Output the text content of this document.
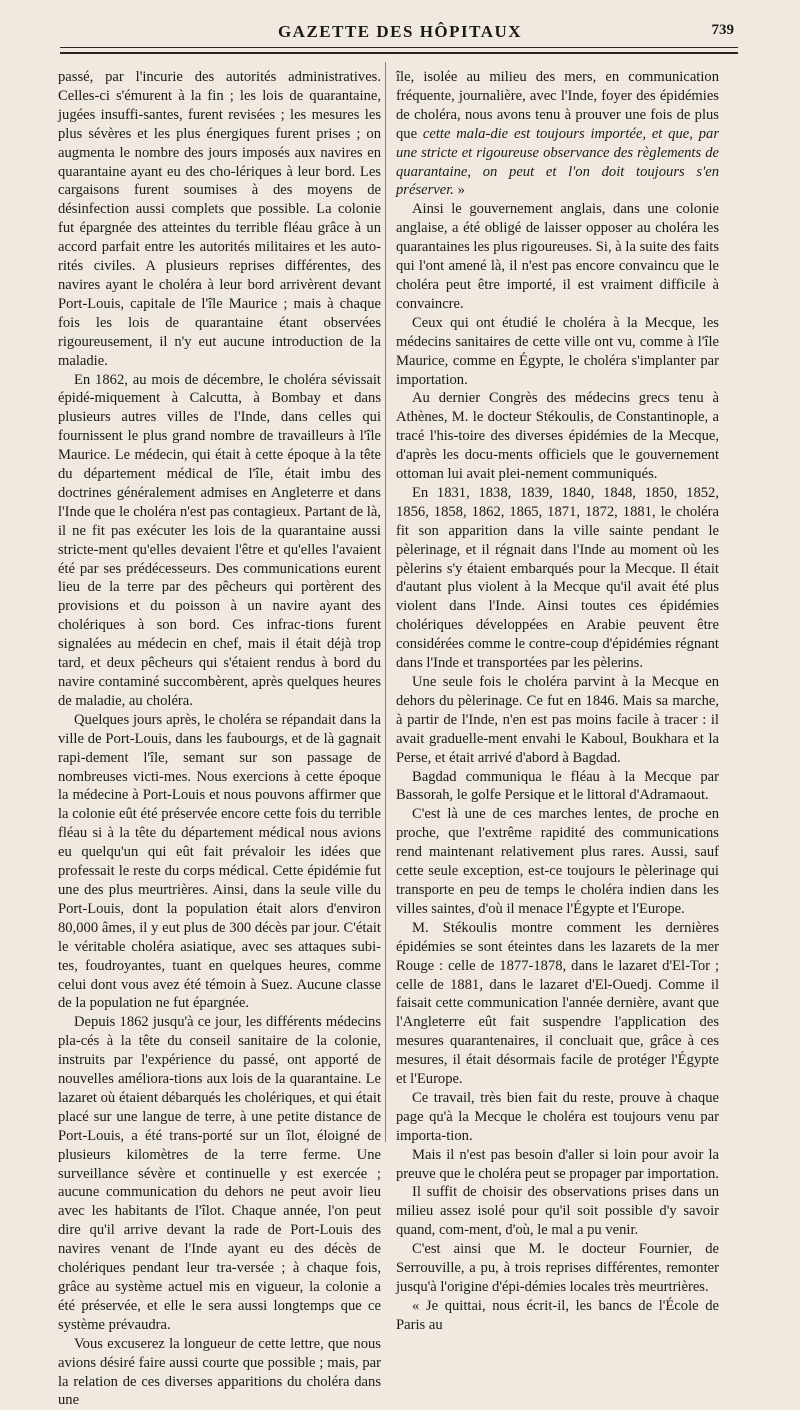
GAZETTE DES HÔPITAUX	739

passé, par l'incurie des autorités administratives. Celles-ci s'émurent à la fin ; les lois de quarantaine, jugées insuffi-santes, furent revisées ; les mesures les plus sévères et les plus énergiques furent prises ; on augmenta le nombre des jours imposés aux navires en quarantaine ayant eu des cho-lériques à leur bord. Les cargaisons furent soumises à des moyens de désinfection aussi complets que possible. La colonie fut épargnée des atteintes du terrible fléau grâce à un accord parfait entre les autorités militaires et les auto-rités civiles. A plusieurs reprises différentes, des navires ayant le choléra à leur bord arrivèrent devant Port-Louis, capitale de l'île Maurice ; mais à chaque fois les lois de quarantaine étant observées rigoureusement, il n'y eut aucune introduction de la maladie.

En 1862, au mois de décembre, le choléra sévissait épidé-miquement à Calcutta, à Bombay et dans plusieurs autres villes de l'Inde, dans celles qui fournissent le plus grand nombre de travailleurs à l'île Maurice. Le médecin, qui était à cette époque à la tête du département médical de l'île, était imbu des doctrines généralement admises en Angleterre et dans l'Inde que le choléra n'est pas contagieux. Partant de là, il ne fit pas exécuter les lois de la quarantaine aussi stricte-ment qu'elles devaient l'être et qu'elles l'avaient été par ses prédécesseurs. Des communications eurent lieu de la terre par des pêcheurs qui portèrent des provisions et du poisson à un navire ayant des cholériques à son bord. Ces infrac-tions furent signalées au médecin en chef, mais il était déjà trop tard, et deux pêcheurs qui s'étaient rendus à bord du navire contaminé succombèrent, après quelques heures de maladie, au choléra.

Quelques jours après, le choléra se répandait dans la ville de Port-Louis, dans les faubourgs, et de là gagnait rapi-dement l'île, semant sur son passage de nombreuses victi-mes. Nous exercions à cette époque la médecine à Port-Louis et nous pouvons affirmer que la colonie eût été préservée encore cette fois du terrible fléau si à la tête du département médical nous avions eu quelqu'un qui eût fait prévaloir les idées que professait le reste du corps médical. Cette épidémie fut une des plus meurtrières. Ainsi, dans la seule ville du Port-Louis, dont la population était alors d'environ 80,000 âmes, il y eut plus de 300 décès par jour. C'était le véritable choléra asiatique, avec ses attaques subi-tes, foudroyantes, tuant en quelques heures, comme celui dont vous avez été témoin à Suez. Aucune classe de la population ne fut épargnée.

Depuis 1862 jusqu'à ce jour, les différents médecins pla-cés à la tête du conseil sanitaire de la colonie, instruits par l'expérience du passé, ont apporté de nouvelles améliora-tions aux lois de la quarantaine. Le lazaret où étaient débarqués les cholériques, et qui était placé sur une langue de terre, à une petite distance de Port-Louis, a été trans-porté sur un îlot, éloigné de plusieurs kilomètres de la terre ferme. Une surveillance sévère et continuelle y est exercée ; aucune communication du dehors ne peut avoir lieu avec les habitants de l'îlot. Chaque année, l'on peut dire qu'il arrive devant la rade de Port-Louis des navires venant de l'Inde ayant eu des décès de cholériques pendant leur tra-versée ; à chaque fois, grâce au système actuel mis en vigueur, la colonie a été préservée, et elle le sera aussi longtemps que ce système prévaudra.

Vous excuserez la longueur de cette lettre, que nous avions désiré faire aussi courte que possible ; mais, par la relation de ces diverses apparitions du choléra dans une

île, isolée au milieu des mers, en communication fréquente, journalière, avec l'Inde, foyer des épidémies de choléra, nous avons tenu à prouver une fois de plus que cette mala-die est toujours importée, et que, par une stricte et rigoureuse observance des règlements de quarantaine, on peut et l'on doit toujours s'en préserver. »

Ainsi le gouvernement anglais, dans une colonie anglaise, a été obligé de laisser opposer au choléra les quarantaines les plus rigoureuses. Si, à la suite des faits qui l'ont amené là, il n'est pas encore convaincu que le choléra peut être importé, il est vraiment difficile à convaincre.

Ceux qui ont étudié le choléra à la Mecque, les médecins sanitaires de cette ville ont vu, comme à l'île Maurice, comme en Égypte, le choléra s'implanter par importation.

Au dernier Congrès des médecins grecs tenu à Athènes, M. le docteur Stékoulis, de Constantinople, a tracé l'his-toire des diverses épidémies de la Mecque, d'après les docu-ments officiels que le gouvernement ottoman lui avait plei-nement communiqués.

En 1831, 1838, 1839, 1840, 1848, 1850, 1852, 1856, 1858, 1862, 1865, 1871, 1872, 1881, le choléra fit son apparition dans la ville sainte pendant le pèlerinage, et il régnait dans l'Inde au moment où les pèlerins s'y étaient embarqués pour la Mecque. Il était d'autant plus violent à la Mecque qu'il avait été plus violent dans l'Inde. Ainsi toutes ces épidémies cholériques développées en Arabie peuvent être considérées comme le contre-coup d'épidémies régnant dans l'Inde et transportées par les pèlerins.

Une seule fois le choléra parvint à la Mecque en dehors du pèlerinage. Ce fut en 1846. Mais sa marche, à partir de l'Inde, n'en est pas moins facile à tracer : il avait graduelle-ment envahi le Kaboul, Boukhara et la Perse, et était arrivé d'abord à Bagdad.

Bagdad communiqua le fléau à la Mecque par Bassorah, le golfe Persique et le littoral d'Adramaout.

C'est là une de ces marches lentes, de proche en proche, que l'extrême rapidité des communications rend maintenant relativement plus rares. Aussi, sauf cette seule exception, est-ce toujours le pèlerinage qui transporte en peu de temps le choléra indien dans les villes saintes, d'où il menace l'Égypte et l'Europe.

M. Stékoulis montre comment les dernières épidémies se sont éteintes dans les lazarets de la mer Rouge : celle de 1877-1878, dans le lazaret d'El-Tor ; celle de 1881, dans le lazaret d'El-Ouedj. Comme il faisait cette communication l'année dernière, avant que l'Angleterre eût fait suspendre l'application des mesures quarantenaires, il concluait que, grâce à ces mesures, il était désormais facile de protéger l'Égypte et l'Europe.

Ce travail, très bien fait du reste, prouve à chaque page qu'à la Mecque le choléra est toujours venu par importa-tion.

Mais il n'est pas besoin d'aller si loin pour avoir la preuve que le choléra peut se propager par importation.

Il suffit de choisir des observations prises dans un milieu assez isolé pour qu'il soit possible d'y savoir quand, com-ment, d'où, le mal a pu venir.

C'est ainsi que M. le docteur Fournier, de Serrouville, a pu, à trois reprises différentes, remonter jusqu'à l'origine d'épi-démies locales très meurtrières.

« Je quittai, nous écrit-il, les bancs de l'École de Paris au
